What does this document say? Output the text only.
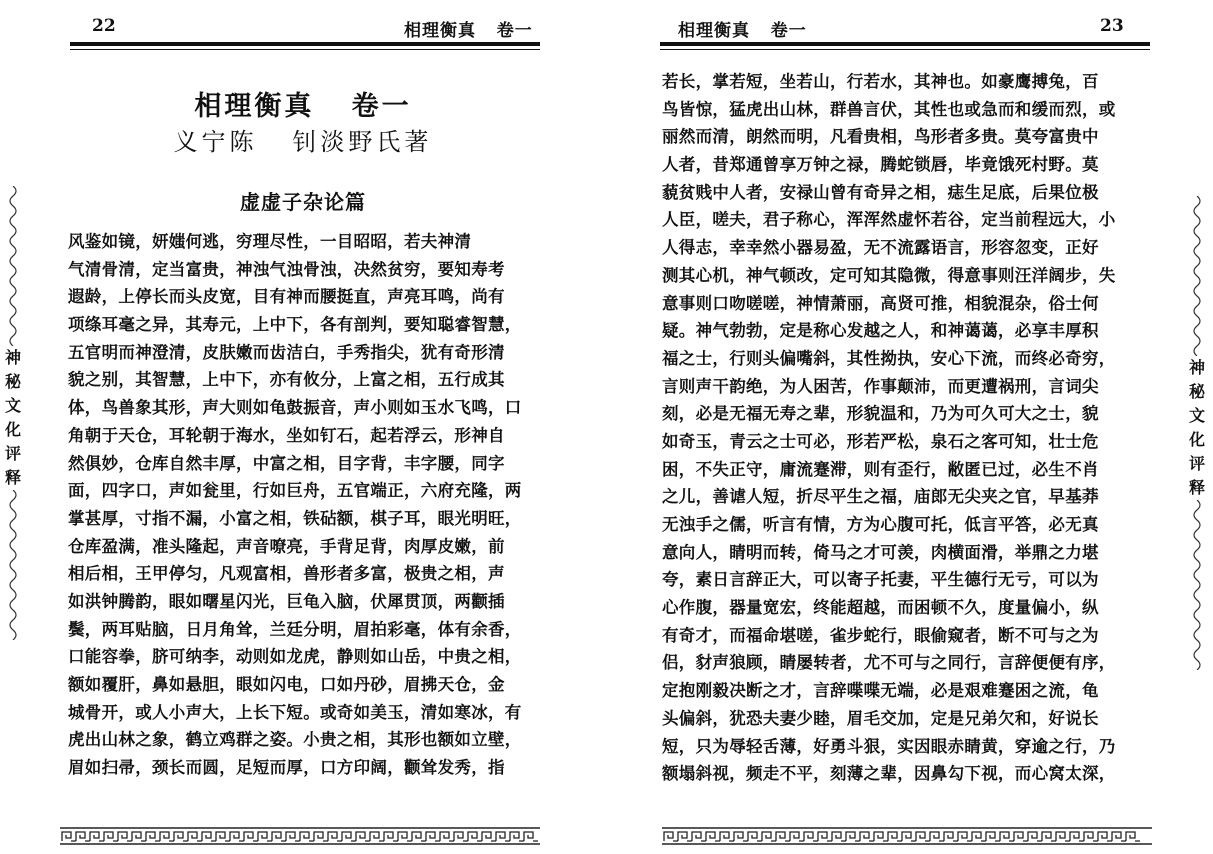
22	相理衡真   卷一
相理衡真   卷一
义宁陈   钊淡野氏著
虚虚子杂论篇
风鉴如镜，妍媸何逃，穷理尽性，一目昭昭，若夫神清
气清骨清，定当富贵，神浊气浊骨浊，决然贫穷，要知寿考
遐龄，上停长而头皮宽，目有神而腰挺直，声亮耳鸣，尚有
项绦耳毫之异，其寿元，上中下，各有剖判，要知聪睿智慧，
五官明而神澄清，皮肤嫩而齿洁白，手秀指尖，犹有奇形清
貌之别，其智慧，上中下，亦有攸分，上富之相，五行成其
体，鸟兽象其形，声大则如龟鼓振音，声小则如玉水飞鸣，口
角朝于天仓，耳轮朝于海水，坐如钉石，起若浮云，形神自
然俱妙，仓库自然丰厚，中富之相，目字背，丰字腰，同字
面，四字口，声如瓮里，行如巨舟，五官端正，六府充隆，两
掌甚厚，寸指不漏，小富之相，铁砧额，棋子耳，眼光明旺，
仓库盈满，准头隆起，声音嘹亮，手背足背，肉厚皮嫩，前
相后相，王甲停匀，凡观富相，兽形者多富，极贵之相，声
如洪钟腾韵，眼如曙星闪光，巨龟入脑，伏犀贯顶，两颧插
鬓，两耳贴脑，日月角耸，兰廷分明，眉拍彩毫，体有余香，
口能容拳，脐可纳李，动则如龙虎，静则如山岳，中贵之相，
额如覆肝，鼻如悬胆，眼如闪电，口如丹砂，眉拂天仓，金
城骨开，或人小声大，上长下短。或奇如美玉，清如寒冰，有
虎出山林之象，鹤立鸡群之姿。小贵之相，其形也额如立壁，
眉如扫帚，颈长而圆，足短而厚，口方印阔，颧耸发秀，指
神
秘
文
化
评
释
相理衡真   卷一	23
若长，掌若短，坐若山，行若水，其神也。如豪鹰搏兔，百
鸟皆惊，猛虎出山林，群兽言伏，其性也或急而和缓而烈，或
丽然而清，朗然而明，凡看贵相，鸟形者多贵。莫夸富贵中
人者，昔郑通曾享万钟之禄，腾蛇锁唇，毕竟饿死村野。莫
藐贫贱中人者，安禄山曾有奇异之相，痣生足底，后果位极
人臣，嗟夫，君子称心，浑浑然虚怀若谷，定当前程远大，小
人得志，幸幸然小器易盈，无不流露语言，形容忽变，正好
测其心机，神气顿改，定可知其隐微，得意事则汪洋阔步，失
意事则口吻嗟嗟，神情萧丽，高贤可推，相貌混杂，俗士何
疑。神气勃勃，定是称心发越之人，和神蔼蔼，必享丰厚积
福之士，行则头偏嘴斜，其性拗执，安心下流，而终必奇穷，
言则声干韵绝，为人困苦，作事颠沛，而更遭祸刑，言词尖
刻，必是无福无寿之辈，形貌温和，乃为可久可大之士，貌
如奇玉，青云之士可必，形若严松，泉石之客可知，壮士危
困，不失正守，庸流蹇滞，则有歪行，敝匿已过，必生不肖
之儿，善谑人短，折尽平生之福，庙郎无尖夹之官，早基莽
无浊手之儒，听言有情，方为心腹可托，低言平答，必无真
意向人，睛明而转，倚马之才可羡，肉横面滑，举鼎之力堪
夸，素日言辞正大，可以寄子托妻，平生德行无亏，可以为
心作腹，器量宽宏，终能超越，而困顿不久，度量偏小，纵
有奇才，而福命堪嗟，雀步蛇行，眼偷窥者，断不可与之为
侣，豺声狼顾，睛屡转者，尤不可与之同行，言辞便便有序，
定抱刚毅决断之才，言辞喋喋无端，必是艰难蹇困之流，龟
头偏斜，犹恐夫妻少睦，眉毛交加，定是兄弟欠和，好说长
短，只为辱轻舌薄，好勇斗狠，实因眼赤睛黄，穿逾之行，乃
额塌斜视，频走不平，刻薄之辈，因鼻勾下视，而心窝太深，
神
秘
文
化
评
释
